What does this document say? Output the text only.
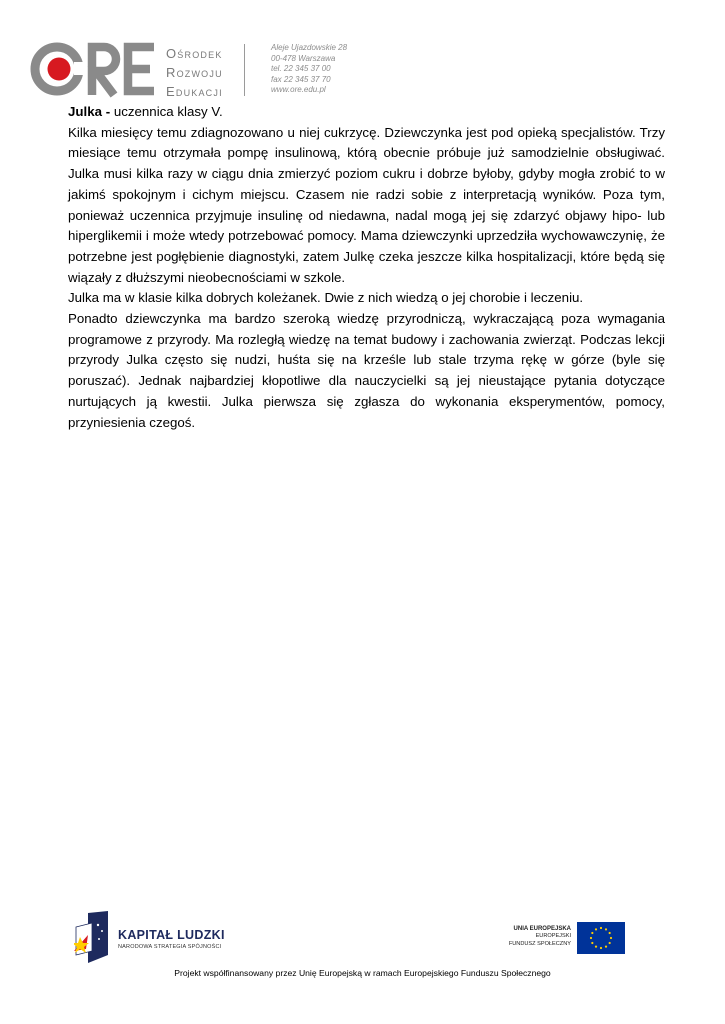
Ośrodek
Rozwoju
Edukacji
Aleje Ujazdowskie 28
00-478 Warszawa
tel. 22 345 37 00
fax 22 345 37 70
www.ore.edu.pl

Julka - uczennica klasy V.

Kilka miesięcy temu zdiagnozowano u niej cukrzycę. Dziewczynka jest pod opieką specjalistów. Trzy miesiące temu otrzymała pompę insulinową, którą obecnie próbuje już samodzielnie obsługiwać. Julka musi kilka razy w ciągu dnia zmierzyć poziom cukru i dobrze byłoby, gdyby mogła zrobić to w jakimś spokojnym i cichym miejscu. Czasem nie radzi sobie z interpretacją wyników. Poza tym, ponieważ uczennica przyjmuje insulinę od niedawna, nadal mogą jej się zdarzyć objawy hipo- lub hiperglikemii i może wtedy potrzebować pomocy. Mama dziewczynki uprzedziła wychowawczynię, że potrzebne jest pogłębienie diagnostyki, zatem Julkę czeka jeszcze kilka hospitalizacji, które będą się wiązały z dłuższymi nieobecnościami w szkole.

Julka ma w klasie kilka dobrych koleżanek. Dwie z nich wiedzą o jej chorobie i leczeniu.

Ponadto dziewczynka ma bardzo szeroką wiedzę przyrodniczą, wykraczającą poza wymagania programowe z przyrody. Ma rozległą wiedzę na temat budowy i zachowania zwierząt. Podczas lekcji przyrody Julka często się nudzi, huśta się na krześle lub stale trzyma rękę w górze (byle się poruszać). Jednak najbardziej kłopotliwe dla nauczycielki są jej nieustające pytania dotyczące nurtujących ją kwestii. Julka pierwsza się zgłasza do wykonania eksperymentów, pomocy, przyniesienia czegoś.

KAPITAŁ LUDZKI
NARODOWA STRATEGIA SPÓJNOŚCI
UNIA EUROPEJSKA
EUROPEJSKI
FUNDUSZ SPOŁECZNY
Projekt współfinansowany przez Unię Europejską w ramach Europejskiego Funduszu Społecznego
